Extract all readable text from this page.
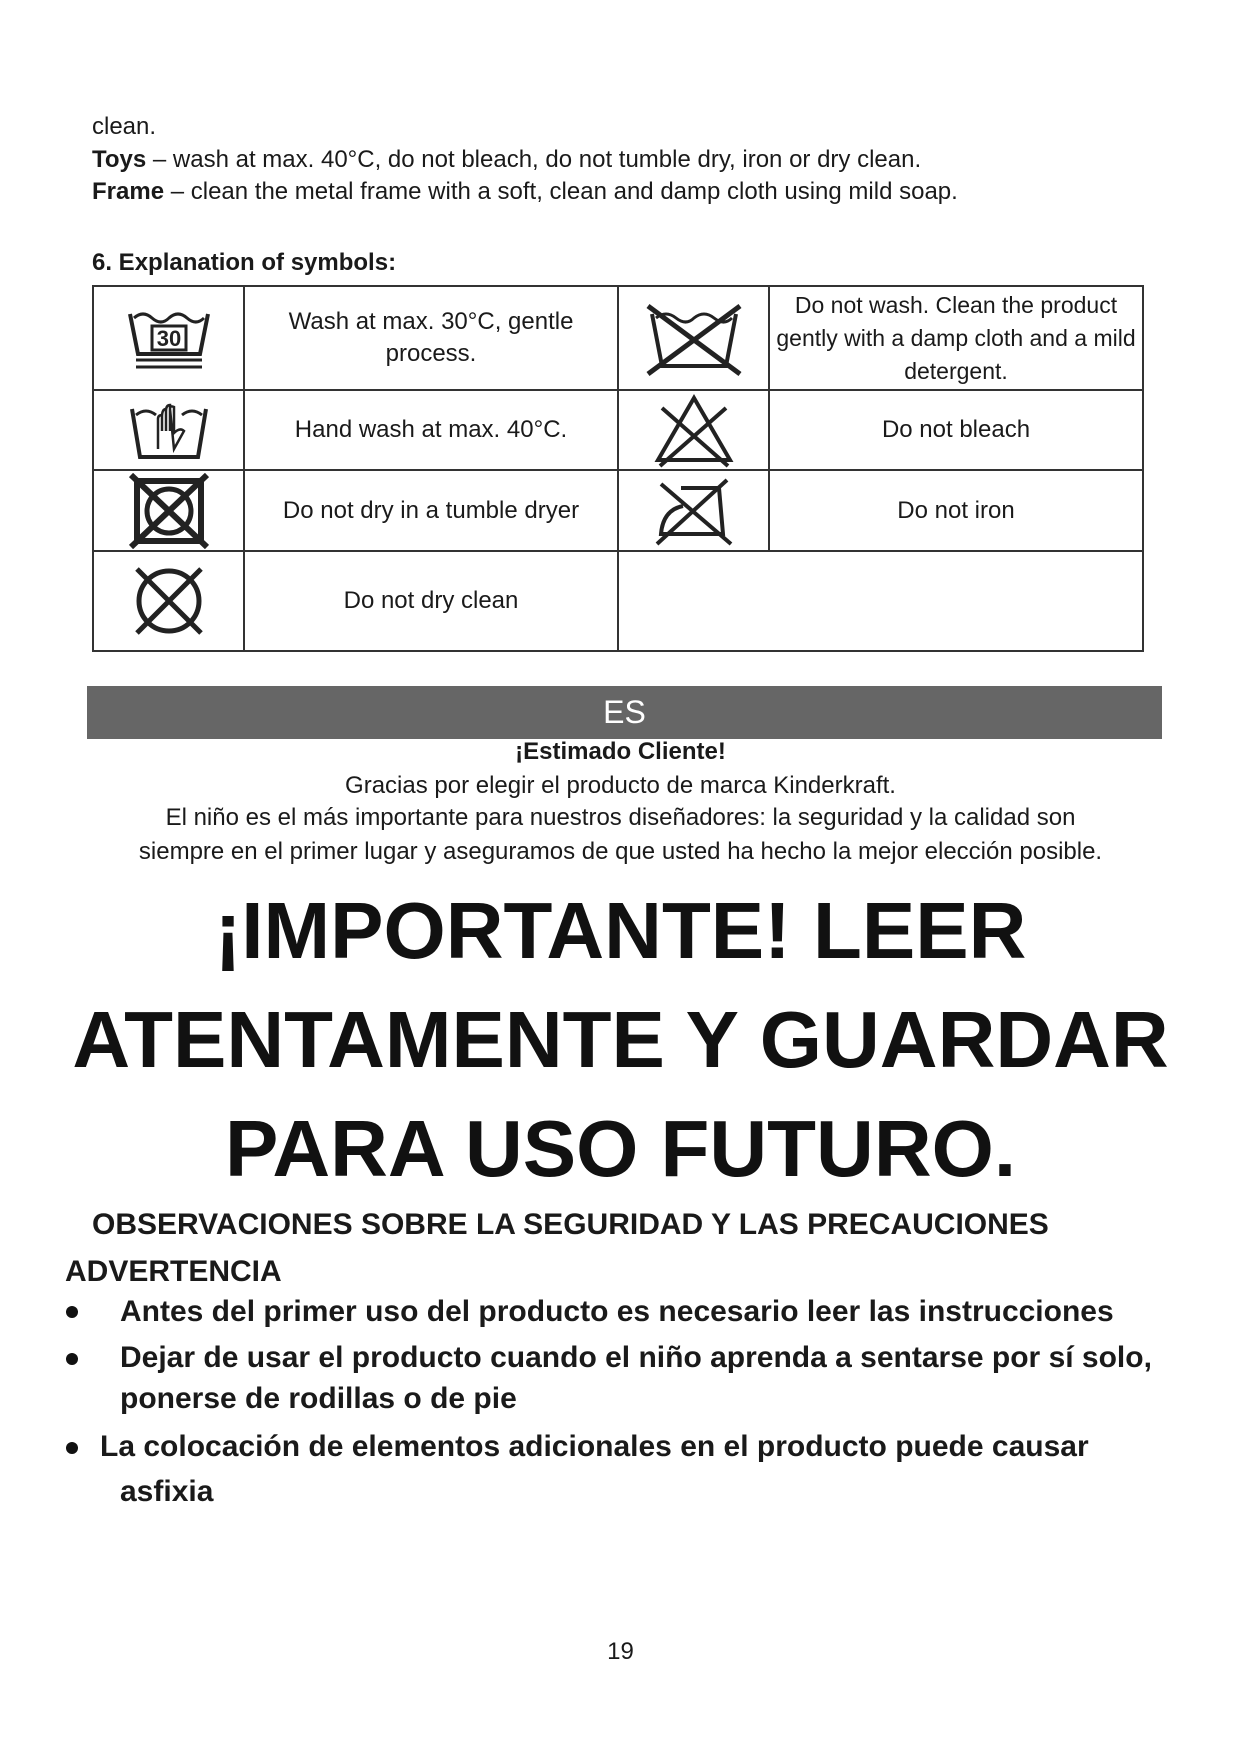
clean.
Toys – wash at max. 40°C, do not bleach, do not tumble dry, iron or dry clean.
Frame – clean the metal frame with a soft, clean and damp cloth using mild soap.
6. Explanation of symbols:
30	Wash at max. 30°C, gentle process.		Do not wash. Clean the product gently with a damp cloth and a mild detergent.

	Hand wash at max. 40°C.		Do not bleach

	Do not dry in a tumble dryer		Do not iron

	Do not dry clean		
ES
¡Estimado Cliente!
Gracias por elegir el producto de marca Kinderkraft.
El niño es el más importante para nuestros diseñadores: la seguridad y la calidad son
siempre en el primer lugar y aseguramos de que usted ha hecho la mejor elección posible.
¡IMPORTANTE! LEER
ATENTAMENTE Y GUARDAR
PARA USO FUTURO.
OBSERVACIONES SOBRE LA SEGURIDAD Y LAS PRECAUCIONES
ADVERTENCIA
Antes del primer uso del producto es necesario leer las instrucciones
Dejar de usar el producto cuando el niño aprenda a sentarse por sí solo,
ponerse de rodillas o de pie
La colocación de elementos adicionales en el producto puede causar
asfixia
19
